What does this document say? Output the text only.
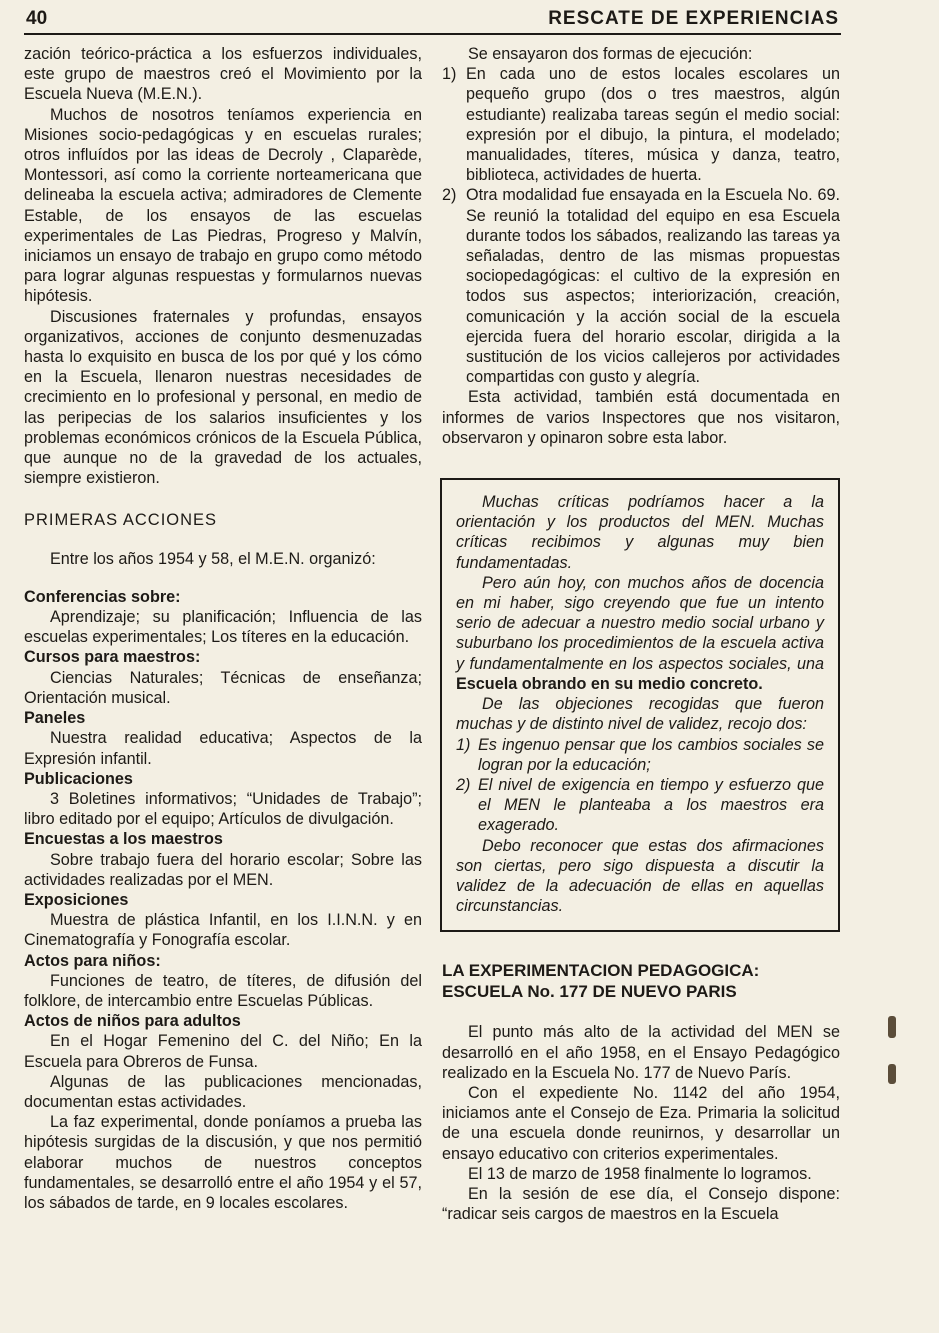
40	RESCATE DE EXPERIENCIAS

zación teórico-práctica a los esfuerzos individuales, este grupo de maestros creó el Movimiento por la Escuela Nueva (M.E.N.).

Muchos de nosotros teníamos experiencia en Misiones socio-pedagógicas y en escuelas rurales; otros influídos por las ideas de Decroly , Claparède, Montessori, así como la corriente norteamericana que delineaba la escuela activa; admiradores de Clemente Estable, de los ensayos de las escuelas experimentales de Las Piedras, Progreso y Malvín, iniciamos un ensayo de trabajo en grupo como método para lograr algunas respuestas y formularnos nuevas hipótesis.

Discusiones fraternales y profundas, ensayos organizativos, acciones de conjunto desmenuzadas hasta lo exquisito en busca de los por qué y los cómo en la Escuela, llenaron nuestras necesidades de crecimiento en lo profesional y personal, en medio de las peripecias de los salarios insuficientes y los problemas económicos crónicos de la Escuela Pública, que aunque no de la gravedad de los actuales, siempre existieron.

PRIMERAS ACCIONES

Entre los años 1954 y 58, el M.E.N. organizó:

Conferencias sobre:

Aprendizaje; su planificación; Influencia de las escuelas experimentales; Los títeres en la educación.

Cursos para maestros:

Ciencias Naturales; Técnicas de enseñanza; Orientación musical.

Paneles

Nuestra realidad educativa; Aspectos de la Expresión infantil.

Publicaciones

3 Boletines informativos; “Unidades de Trabajo”; libro editado por el equipo; Artículos de divulgación.

Encuestas a los maestros

Sobre trabajo fuera del horario escolar; Sobre las actividades realizadas por el MEN.

Exposiciones

Muestra de plástica Infantil, en los I.I.N.N. y en Cinematografía y Fonografía escolar.

Actos para niños:

Funciones de teatro, de títeres, de difusión del folklore, de intercambio entre Escuelas Públicas.

Actos de niños para adultos

En el Hogar Femenino del C. del Niño; En la Escuela para Obreros de Funsa.

Algunas de las publicaciones mencionadas, documentan estas actividades.

La faz experimental, donde poníamos a prueba las hipótesis surgidas de la discusión, y que nos permitió elaborar muchos de nuestros conceptos fundamentales, se desarrolló entre el año 1954 y el 57, los sábados de tarde, en 9 locales escolares.

Se ensayaron dos formas de ejecución:

1) En cada uno de estos locales escolares un pequeño grupo (dos o tres maestros, algún estudiante) realizaba tareas según el medio social: expresión por el dibujo, la pintura, el modelado; manualidades, títeres, música y danza, teatro, biblioteca, actividades de huerta.
2) Otra modalidad fue ensayada en la Escuela No. 69. Se reunió la totalidad del equipo en esa Escuela durante todos los sábados, realizando las tareas ya señaladas, dentro de las mismas propuestas sociopedagógicas: el cultivo de la expresión en todos sus aspectos; interiorización, creación, comunicación y la acción social de la escuela ejercida fuera del horario escolar, dirigida a la sustitución de los vicios callejeros por actividades compartidas con gusto y alegría.

Esta actividad, también está documentada en informes de varios Inspectores que nos visitaron, observaron y opinaron sobre esta labor.

Muchas críticas podríamos hacer a la orientación y los productos del MEN. Muchas críticas recibimos y algunas muy bien fundamentadas.

Pero aún hoy, con muchos años de docencia en mi haber, sigo creyendo que fue un intento serio de adecuar a nuestro medio social urbano y suburbano los procedimientos de la escuela activa y fundamentalmente en los aspectos sociales, una Escuela obrando en su medio concreto.

De las objeciones recogidas que fueron muchas y de distinto nivel de validez, recojo dos:

1) Es ingenuo pensar que los cambios sociales se logran por la educación;
2) El nivel de exigencia en tiempo y esfuerzo que el MEN le planteaba a los maestros era exagerado.

Debo reconocer que estas dos afirmaciones son ciertas, pero sigo dispuesta a discutir la validez de la adecuación de ellas en aquellas circunstancias.

LA EXPERIMENTACION PEDAGOGICA: ESCUELA No. 177 DE NUEVO PARIS

El punto más alto de la actividad del MEN se desarrolló en el año 1958, en el Ensayo Pedagógico realizado en la Escuela No. 177 de Nuevo París.

Con el expediente No. 1142 del año 1954, iniciamos ante el Consejo de Eza. Primaria la solicitud de una escuela donde reunirnos, y desarrollar un ensayo educativo con criterios experimentales.

El 13 de marzo de 1958 finalmente lo logramos.

En la sesión de ese día, el Consejo dispone: “radicar seis cargos de maestros en la Escuela
